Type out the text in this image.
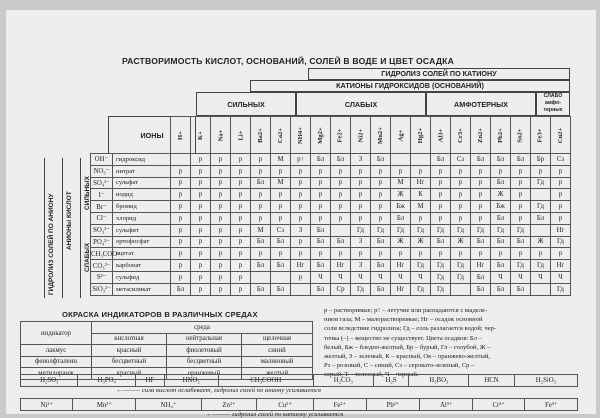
РАСТВОРИМОСТЬ КИСЛОТ, ОСНОВАНИЙ, СОЛЕЙ В ВОДЕ И ЦВЕТ ОСАДКА
ГИДРОЛИЗ СОЛЕЙ ПО КАТИОНУ
КАТИОНЫ ГИДРОКСИДОВ (ОСНОВАНИЙ)
СИЛЬНЫХ	СЛАБЫХ	АМФОТЕРНЫХ
СЛАБО амфо-терных
ИОНЫ
ГИДРОЛИЗ СОЛЕЙ ПО АНИОНУ АНИОНЫ КИСЛОТ СИЛЬНЫХ
СЛАБЫХ
		H+	K+	Na+	Li+	Ba2+	Ca2+	NH4+	Mg2+	Fe2+	Ni2+	Mn2+	Ag+	Hg2+	Al3+	Cr3+	Zn2+	Pb2+	Sn2+	Fe3+	Cu2+
OH⁻	гидроксид		р	р	р	р	М	р↑	Бл	Бл	З	Бл			Бл	Сз	Бл	Бл	Бл	Бр	Сз
NO₃⁻	нитрат	р	р	р	р	р	р	р	р	р	р	р	р	р	р	р	р	р	р	р	р
SO₄²⁻	сульфат	р	р	р	р	Бл	М	р	р	р	р	р	М	Нг	р	р	р	Бл	р	Гд	р
I⁻	иодид	р	р	р	р	р	р	р	р	р	р	р	Ж	К	р	р	р	Ж	р		р
Br⁻	бромид	р	р	р	р	р	р	р	р	р	р	р	Бж	М	р	р	р	Бж	р	Гд	р
Cl⁻	хлорид	р	р	р	р	р	р	р	р	р	р	р	Бл	р	р	р	р	Бл	р	Бл	р
SO₃²⁻	сульфит	р	р	р	р	М	Сз	З	Бл		Гд	Гд	Гд	Гд	Гд	Гд	Гд	Гд	Гд		Нг
PO₄³⁻	ортофосфат	р	р	р	р	Бл	Бл	р	Бл	Бл	З	Бл	Ж	Ж	Бл	Ж	Бл	Бл	Бл	Ж	Гд
CH₃COO⁻	ацетат	р	р	р	р	р	р	р	р	р	р	р	р	р	р	р	р	р	р	р	р
CO₃²⁻	карбонат	р	р	р	р	Бл	Бл	Нг	Бл	Нг	З	Бл	Нг	Гд	Гд	Гд	Нг	Бл	Гд	Гд	Нг
S²⁻	сульфид	р	р	р	р			р	Ч	Ч	Ч	Ч	Ч	Ч	Гд	Гд	Бл	Ч	Ч	Ч	Ч
SiO₃²⁻	метасиликат	Бл	р	р	р	Бл	Бл		Бл	Ср	Гд	Бл	Нг	Гд	Гд		Бл	Бл	Бл		Гд
ОКРАСКА ИНДИКАТОРОВ В РАЗЛИЧНЫХ СРЕДАХ
индикатор	среда		
	кислотная	нейтральная	щелочная
лакмус	красный	фиолетовый	синий
фенолфталеин	бесцветный	бесцветный	малиновый
метилоранж	красный	оранжевый	желтый
р – растворимые; р↑ – летучие или распадаются с выделе-
нием газа; М – малорастворимые; Нг – осадок основной
соли вследствие гидролиза; Гд – соль разлагается водой; чер-
точка (–) – вещество не существует. Цвета осадков: Бл –
белый, Бж – бледно-желтый, Бр – бурый, Гл – голубой, Ж –
желтый, З – зеленый, К – красный, Ок – оранжево-желтый,
Рз – розовый, С – синий, Сз – серовато-зеленый, Ср –
серый, Т – телесный, Ч – черный.
H₂SO₃	H₃PO₄	HF	HNO₂	CH₃COOH	H₂CO₃	H₂S	H₃BO₃	HCN	H₂SiO₃
←——— сила кислот ослабевает, гидролиз солей по аниону усиливается
Ni²⁺	Mn²⁺	NH₄⁺	Zn²⁺	Cu²⁺	Fe²⁺	Pb²⁺	Al³⁺	Cr³⁺	Fe³⁺
←——— гидролиз солей по катиону усиливается
